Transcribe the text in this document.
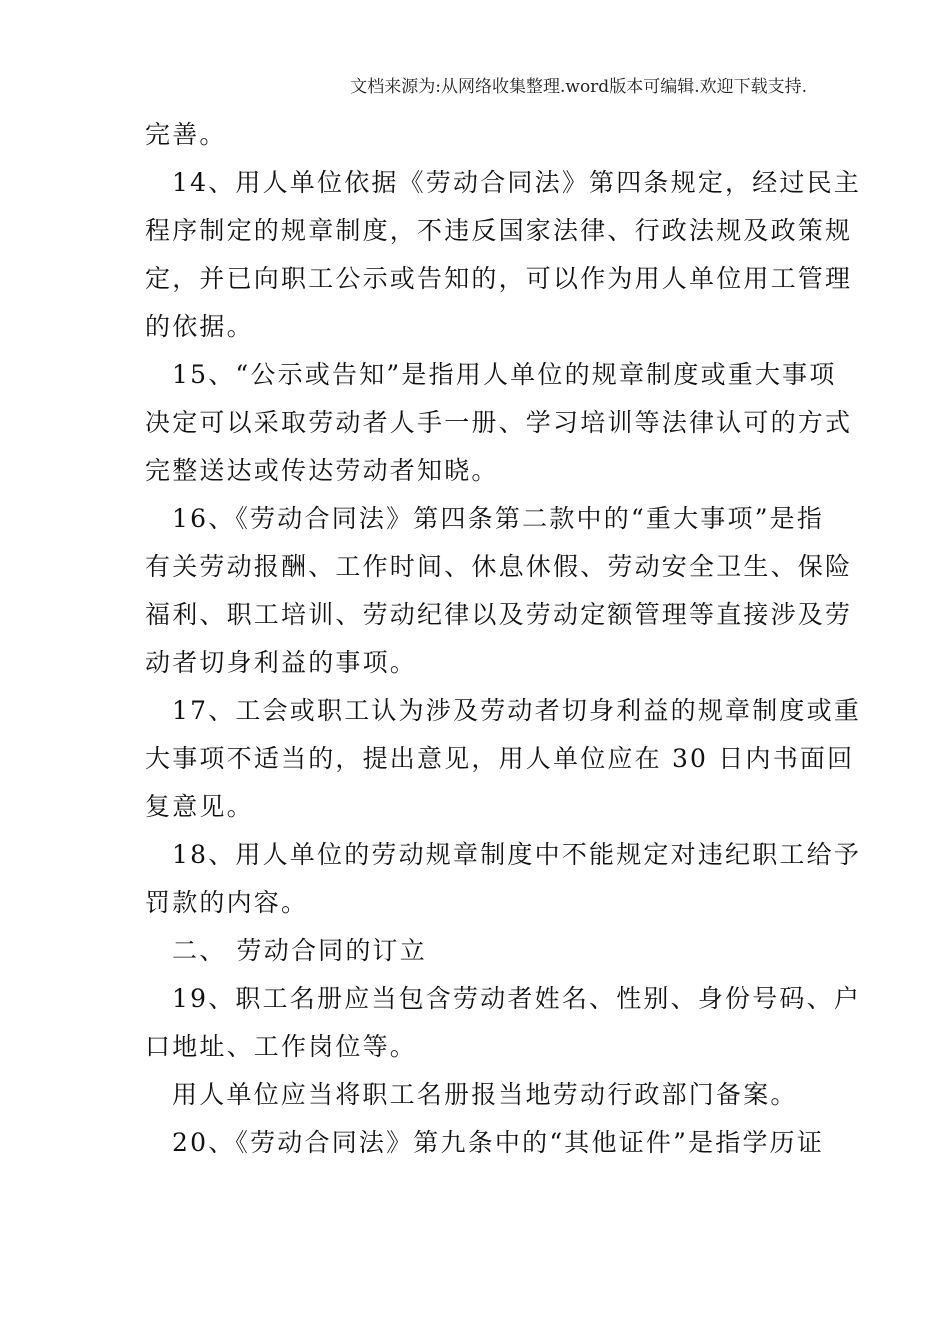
文档来源为:从网络收集整理.word版本可编辑.欢迎下载支持.
完善。
14、用人单位依据《劳动合同法》第四条规定，经过民主
程序制定的规章制度，不违反国家法律、行政法规及政策规
定，并已向职工公示或告知的，可以作为用人单位用工管理
的依据。
15、“公示或告知”是指用人单位的规章制度或重大事项
决定可以采取劳动者人手一册、学习培训等法律认可的方式
完整送达或传达劳动者知晓。
16、《劳动合同法》第四条第二款中的“重大事项”是指
有关劳动报酬、工作时间、休息休假、劳动安全卫生、保险
福利、职工培训、劳动纪律以及劳动定额管理等直接涉及劳
动者切身利益的事项。
17、工会或职工认为涉及劳动者切身利益的规章制度或重
大事项不适当的，提出意见，用人单位应在 30 日内书面回
复意见。
18、用人单位的劳动规章制度中不能规定对违纪职工给予
罚款的内容。
二、 劳动合同的订立
19、职工名册应当包含劳动者姓名、性别、身份号码、户
口地址、工作岗位等。
用人单位应当将职工名册报当地劳动行政部门备案。
20、《劳动合同法》第九条中的“其他证件”是指学历证
